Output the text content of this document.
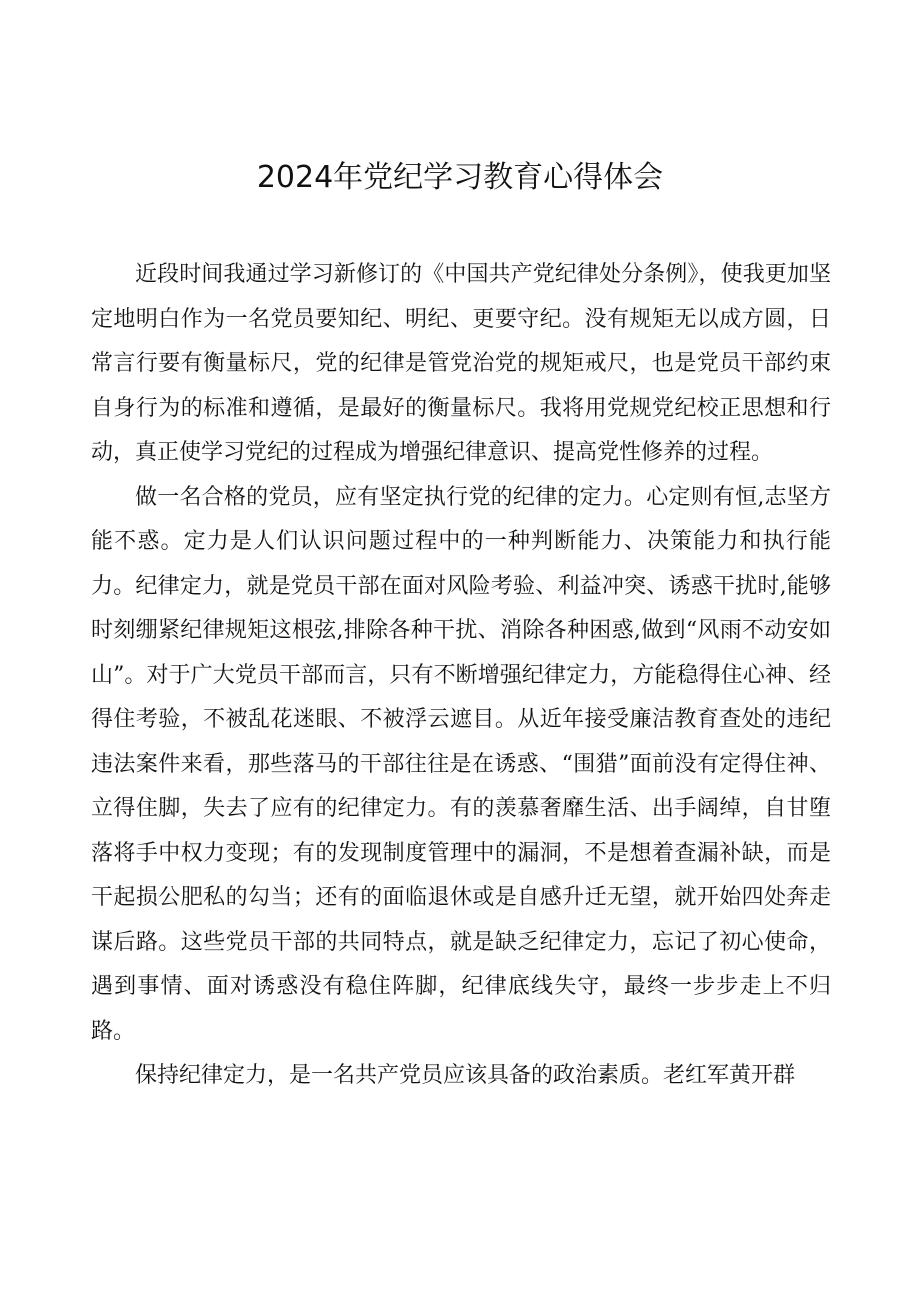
2024年党纪学习教育心得体会

近段时间我通过学习新修订的《中国共产党纪律处分条例》，使我更加坚定地明白作为一名党员要知纪、明纪、更要守纪。没有规矩无以成方圆，日常言行要有衡量标尺，党的纪律是管党治党的规矩戒尺，也是党员干部约束自身行为的标准和遵循，是最好的衡量标尺。我将用党规党纪校正思想和行动，真正使学习党纪的过程成为增强纪律意识、提高党性修养的过程。

做一名合格的党员，应有坚定执行党的纪律的定力。心定则有恒,志坚方能不惑。定力是人们认识问题过程中的一种判断能力、决策能力和执行能力。纪律定力，就是党员干部在面对风险考验、利益冲突、诱惑干扰时,能够时刻绷紧纪律规矩这根弦,排除各种干扰、消除各种困惑,做到“风雨不动安如山”。对于广大党员干部而言，只有不断增强纪律定力，方能稳得住心神、经得住考验，不被乱花迷眼、不被浮云遮目。从近年接受廉洁教育查处的违纪违法案件来看，那些落马的干部往往是在诱惑、“围猎”面前没有定得住神、立得住脚，失去了应有的纪律定力。有的羡慕奢靡生活、出手阔绰，自甘堕落将手中权力变现；有的发现制度管理中的漏洞，不是想着查漏补缺，而是干起损公肥私的勾当；还有的面临退休或是自感升迁无望，就开始四处奔走谋后路。这些党员干部的共同特点，就是缺乏纪律定力，忘记了初心使命，遇到事情、面对诱惑没有稳住阵脚，纪律底线失守，最终一步步走上不归路。

保持纪律定力，是一名共产党员应该具备的政治素质。老红军黄开群
